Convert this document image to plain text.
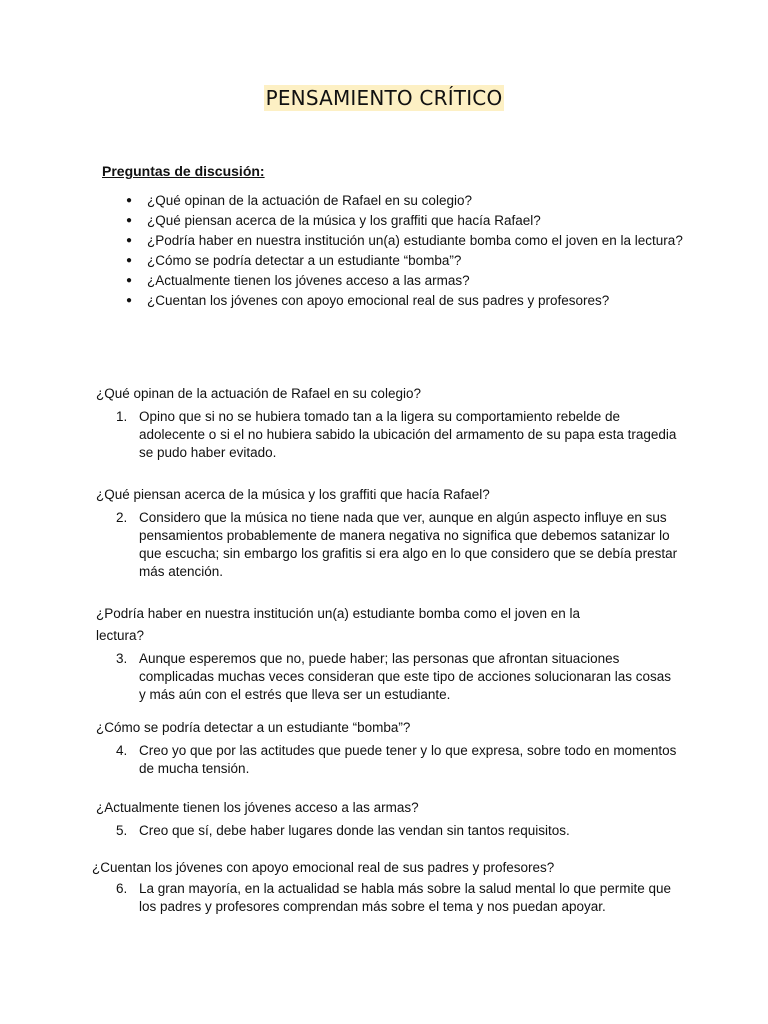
PENSAMIENTO CRÍTICO
Preguntas de discusión:
● ¿Qué opinan de la actuación de Rafael en su colegio?
● ¿Qué piensan acerca de la música y los graffiti que hacía Rafael?
● ¿Podría haber en nuestra institución un(a) estudiante bomba como el joven en la lectura?
● ¿Cómo se podría detectar a un estudiante “bomba”?
● ¿Actualmente tienen los jóvenes acceso a las armas?
● ¿Cuentan los jóvenes con apoyo emocional real de sus padres y profesores?

¿Qué opinan de la actuación de Rafael en su colegio?

1. Opino que si no se hubiera tomado tan a la ligera su comportamiento rebelde de adolecente o si el no hubiera sabido la ubicación del armamento de su papa esta tragedia se pudo haber evitado.

¿Qué piensan acerca de la música y los graffiti que hacía Rafael?

2. Considero que la música no tiene nada que ver, aunque en algún aspecto influye en sus pensamientos probablemente de manera negativa no significa que debemos satanizar lo que escucha; sin embargo los grafitis si era algo en lo que considero que se debía prestar más atención.

¿Podría haber en nuestra institución un(a) estudiante bomba como el joven en la lectura?

3. Aunque esperemos que no, puede haber; las personas que afrontan situaciones complicadas muchas veces consideran que este tipo de acciones solucionaran las cosas y más aún con el estrés que lleva ser un estudiante.

¿Cómo se podría detectar a un estudiante “bomba”?

4. Creo yo que por las actitudes que puede tener y lo que expresa, sobre todo en momentos de mucha tensión.

¿Actualmente tienen los jóvenes acceso a las armas?

5. Creo que sí, debe haber lugares donde las vendan sin tantos requisitos.

¿Cuentan los jóvenes con apoyo emocional real de sus padres y profesores?

6. La gran mayoría, en la actualidad se habla más sobre la salud mental lo que permite que los padres y profesores comprendan más sobre el tema y nos puedan apoyar.
